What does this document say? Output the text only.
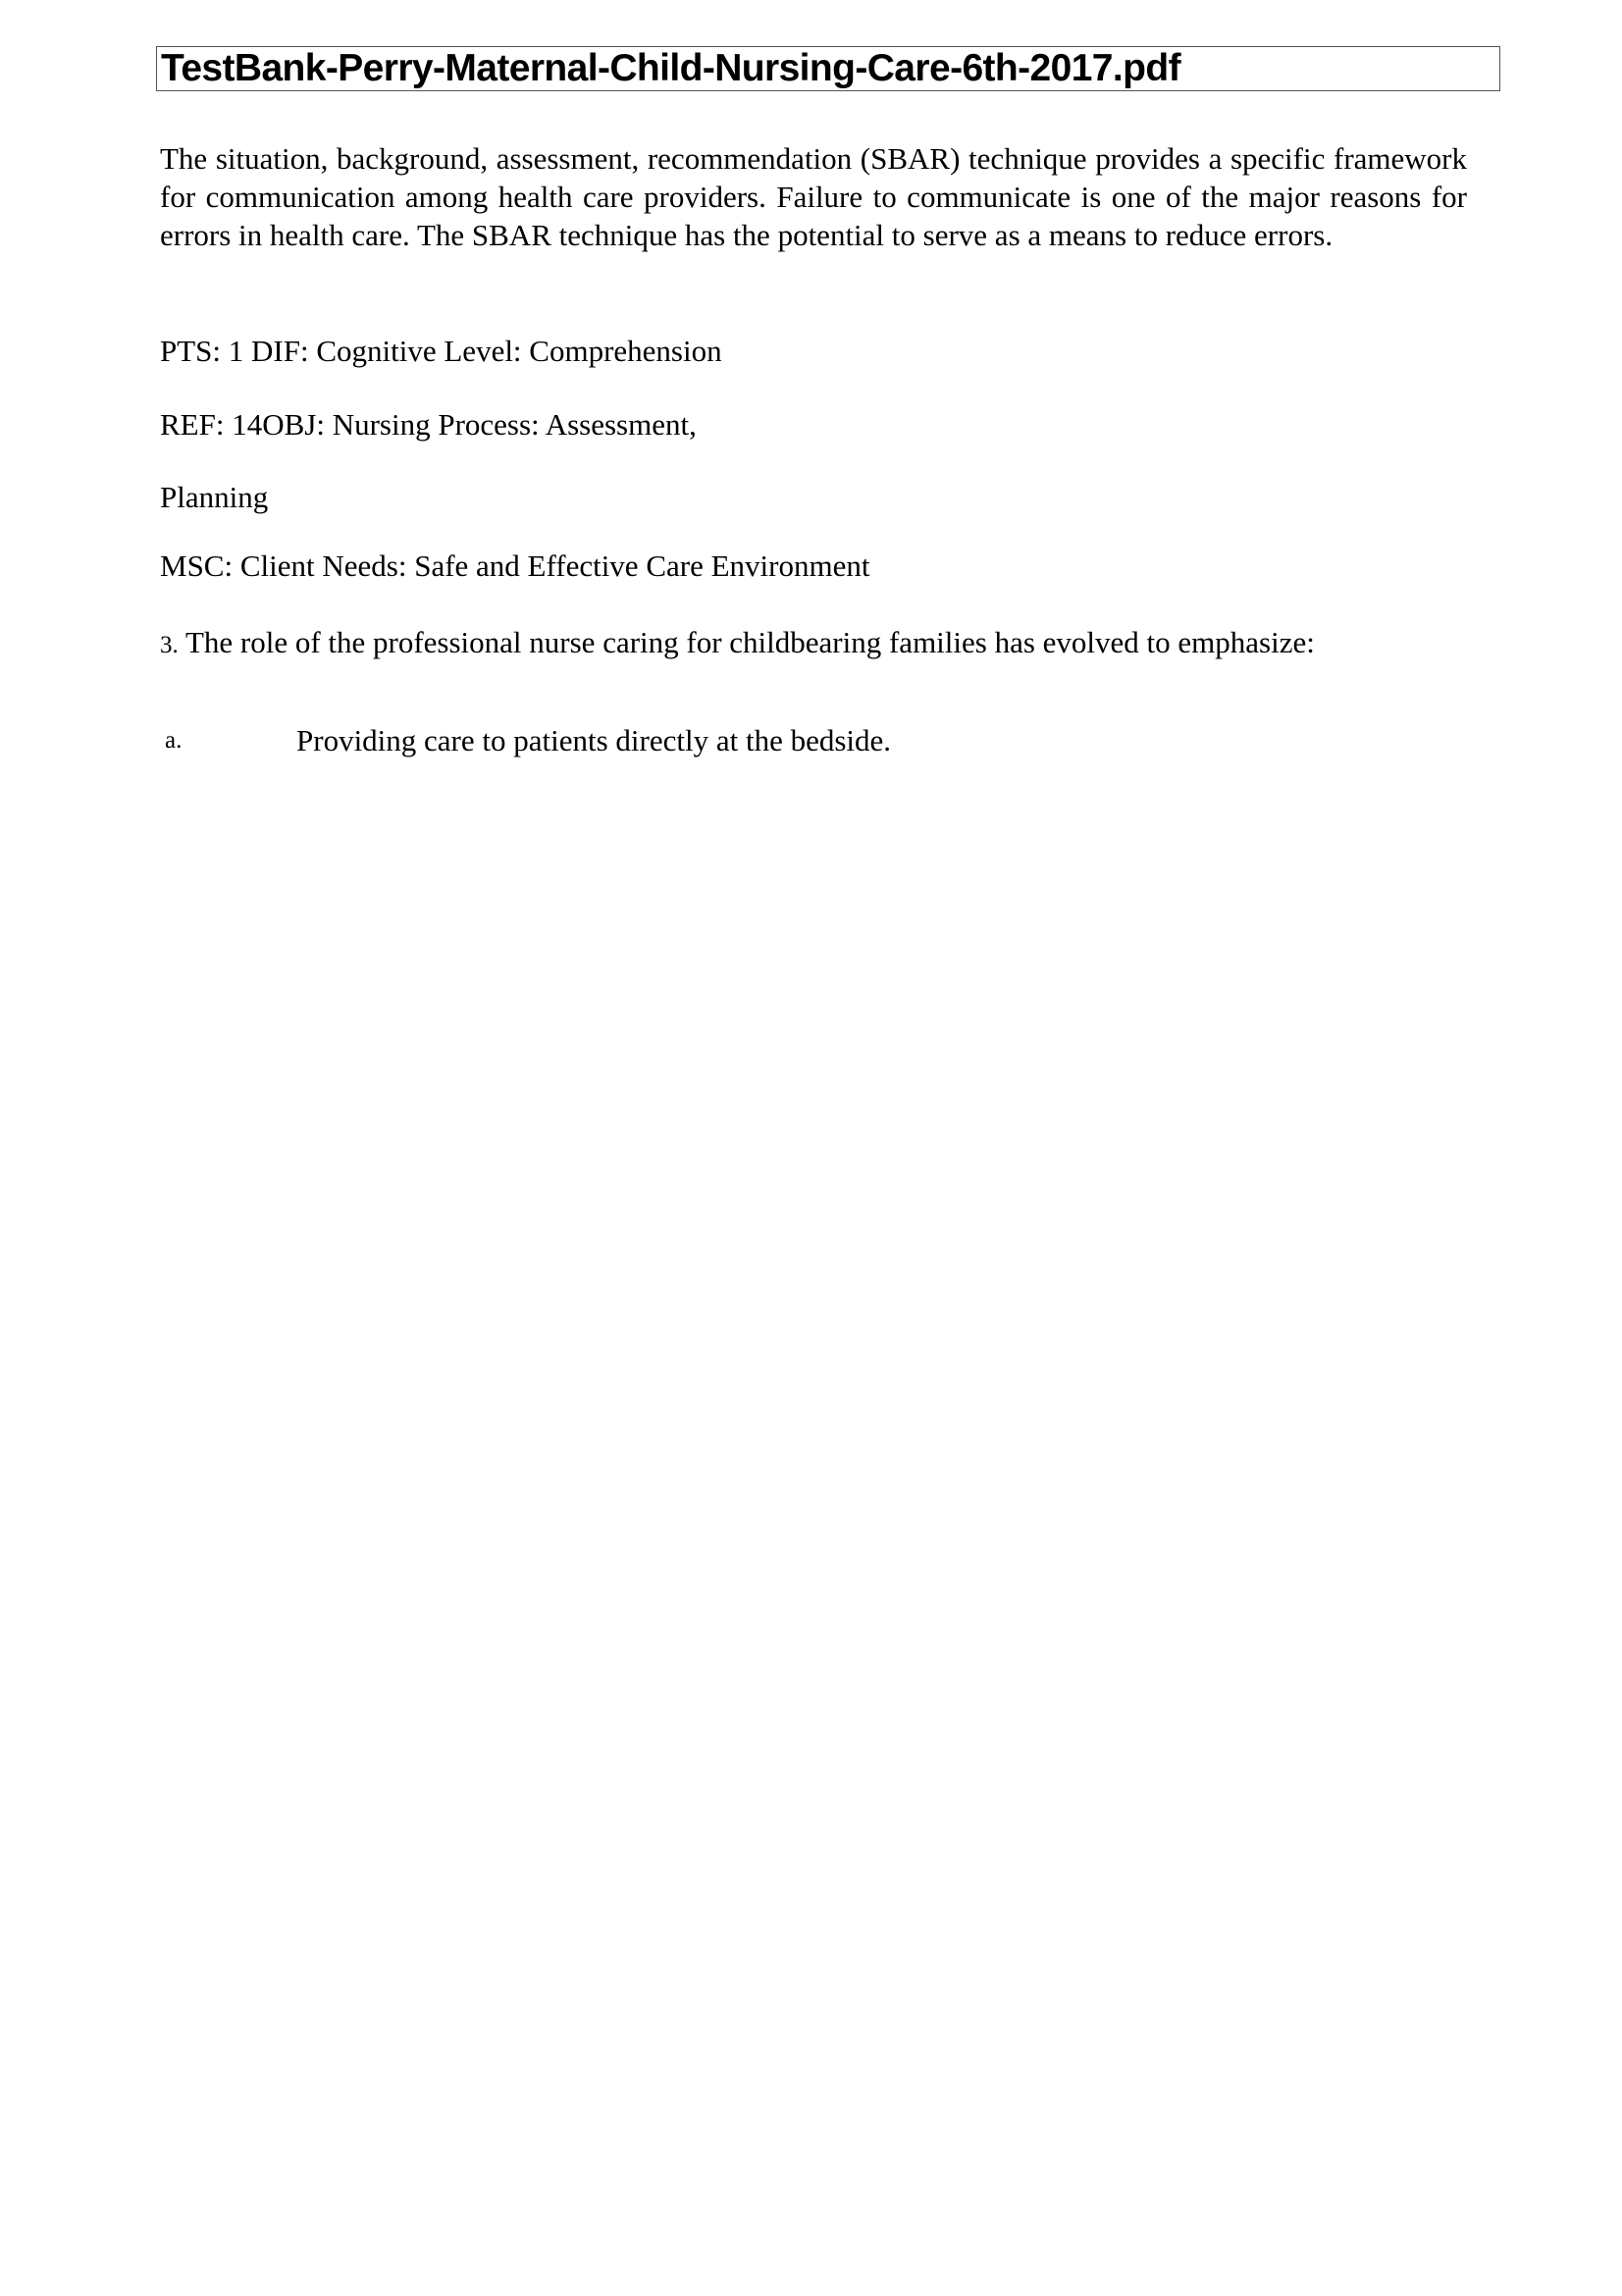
TestBank-Perry-Maternal-Child-Nursing-Care-6th-2017.pdf
The situation, background, assessment, recommendation (SBAR) technique provides a specific framework for communication among health care providers. Failure to communicate is one of the major reasons for errors in health care. The SBAR technique has the potential to serve as a means to reduce errors.
PTS: 1 DIF: Cognitive Level: Comprehension
REF: 14OBJ: Nursing Process: Assessment,
Planning
MSC: Client Needs: Safe and Effective Care Environment
3. The role of the professional nurse caring for childbearing families has evolved to emphasize:
a.	Providing care to patients directly at the bedside.
